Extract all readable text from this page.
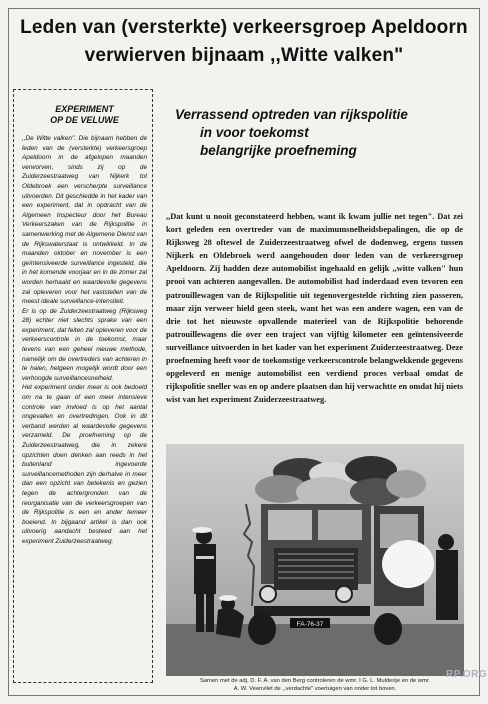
Leden van (versterkte) verkeersgroep Apeldoorn
verwierven bijnaam ,,Witte valken"
EXPERIMENT
OP DE VELUWE

,,De Witte valken". Die bijnaam hebben de leden van de (versterkte) verkeersgroep Apeldoorn in de afgelopen maanden verworven, sinds zij op de Zuiderzeestraatweg van Nijkerk tot Oldebroek een verscherpte surveillance uitvoerden. Dit geschiedde in het kader van een experiment, dat in opdracht van de Algemeen Inspecteur door het Bureau Verkeerszaken van de Rijkspolitie in samenwerking met de Algemene Dienst van de Rijkswaterstaat is ontwikkeld. In de maanden oktober en november is een geïntensiveerde surveillance ingesteld, die in het komende voorjaar en in de zomer zal worden herhaald en waardevolle gegevens zal opleveren voor het vaststellen van de meest ideale surveillance-intensiteit.

Er is op de Zuiderzeestraatweg (Rijksweg 28) echter niet slechts sprake van een experiment, dat feiten zal opleveren voor de verkeerscontrole in de toekomst, maar tevens van een geheel nieuwe methode, namelijk om de overtreders van achteren in te halen, hetgeen mogelijk wordt door een verhoogde surveillancesnelheid.

Het experiment onder meer is ook bedoeld om na te gaan of een meer intensieve controle van invloed is op het aantal ongevallen en overtredingen. Ook in dit verband werden al waardevolle gegevens verzameld. De proefneming op de Zuiderzeestraatweg, die in zekere opzichten doen denken aan reeds in het buitenland ingevoerde surveillancemethoden zijn derhalve in meer dan een opzicht van betekenis en gezien tegen de achtergronden van de reorganisatie van de verkeersgroepen van de Rijkspolitie is een en ander temeer boeiend. In bijgaand artikel is dan ook uitvoerig aandacht besteed aan het experiment Zuiderzeestraatweg.

Verrassend optreden van rijkspolitie
in voor toekomst
belangrijke proefneming
,,Dat kunt u nooit geconstateerd hebben, want ik kwam jullie net tegen". Dat zei kort geleden een overtreder van de maximumsnelheidsbepalingen, die op de Rijksweg 28 oftewel de Zuiderzeestraatweg ofwel de dodenweg, ergens tussen Nijkerk en Oldebroek werd aangehouden door leden van de verkeersgroep Apeldoorn. Zij hadden deze automobilist ingehaald en gelijk ,,witte valken" hun prooi van achteren aangevallen. De automobilist had inderdaad even tevoren een patrouillewagen van de Rijkspolitie uit tegenovergestelde richting zien passeren, maar zijn verweer hield geen steek, want het was een andere wagen, een van de drie tot het nieuwste opvallende materieel van de Rijkspolitie behorende patrouillewagens die over een traject van vijftig kilometer een geïntensiveerde surveillance uitvoerden in het kader van het experiment Zuiderzeestraatweg. Deze proefneming heeft voor de toekomstige verkeerscontrole belangwekkende gegevens opgeleverd en menige automobilist een verdiend proces verbaal omdat de rijkspolitie sneller was en op andere plaatsen dan hij verwachtte en omdat hij niets wist van het experiment Zuiderzeestraatweg.
FA-76-37
Samen met de adj. D. F. A. van den Berg controleren de wmr. I G. L. Mulderije en de wmr.
A. W. Veenvliet de ,,verdachte" voertuigen van onder tot boven.
RP.ORG
